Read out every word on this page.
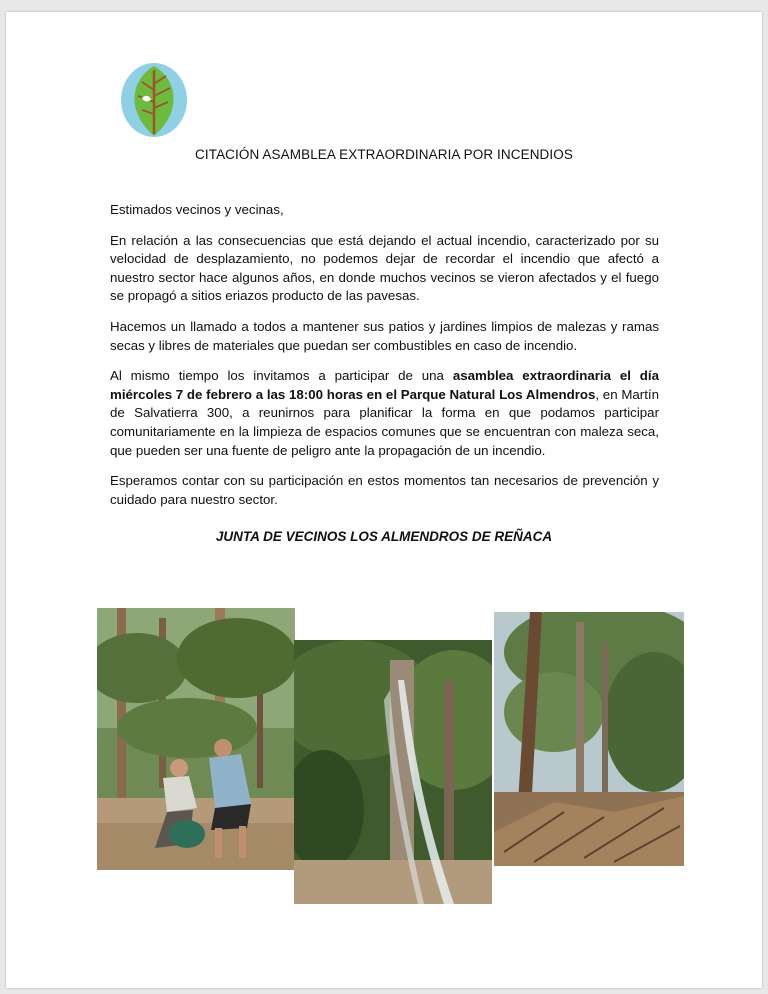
CITACIÓN ASAMBLEA EXTRAORDINARIA POR INCENDIOS

Estimados vecinos y vecinas,

En relación a las consecuencias que está dejando el actual incendio, caracterizado por su velocidad de desplazamiento, no podemos dejar de recordar el incendio que afectó a nuestro sector hace algunos años, en donde muchos vecinos se vieron afectados y el fuego se propagó a sitios eriazos producto de las pavesas.

Hacemos un llamado a todos a mantener sus patios y jardines limpios de malezas y ramas secas y libres de materiales que puedan ser combustibles en caso de incendio.

Al mismo tiempo los invitamos a participar de una asamblea extraordinaria el día miércoles 7 de febrero a las 18:00 horas en el Parque Natural Los Almendros, en Martín de Salvatierra 300, a reunirnos para planificar la forma en que podamos participar comunitariamente en la limpieza de espacios comunes que se encuentran con maleza seca, que pueden ser una fuente de peligro ante la propagación de un incendio.

Esperamos contar con su participación en estos momentos tan necesarios de prevención y cuidado para nuestro sector.

JUNTA DE VECINOS LOS ALMENDROS DE REÑACA
